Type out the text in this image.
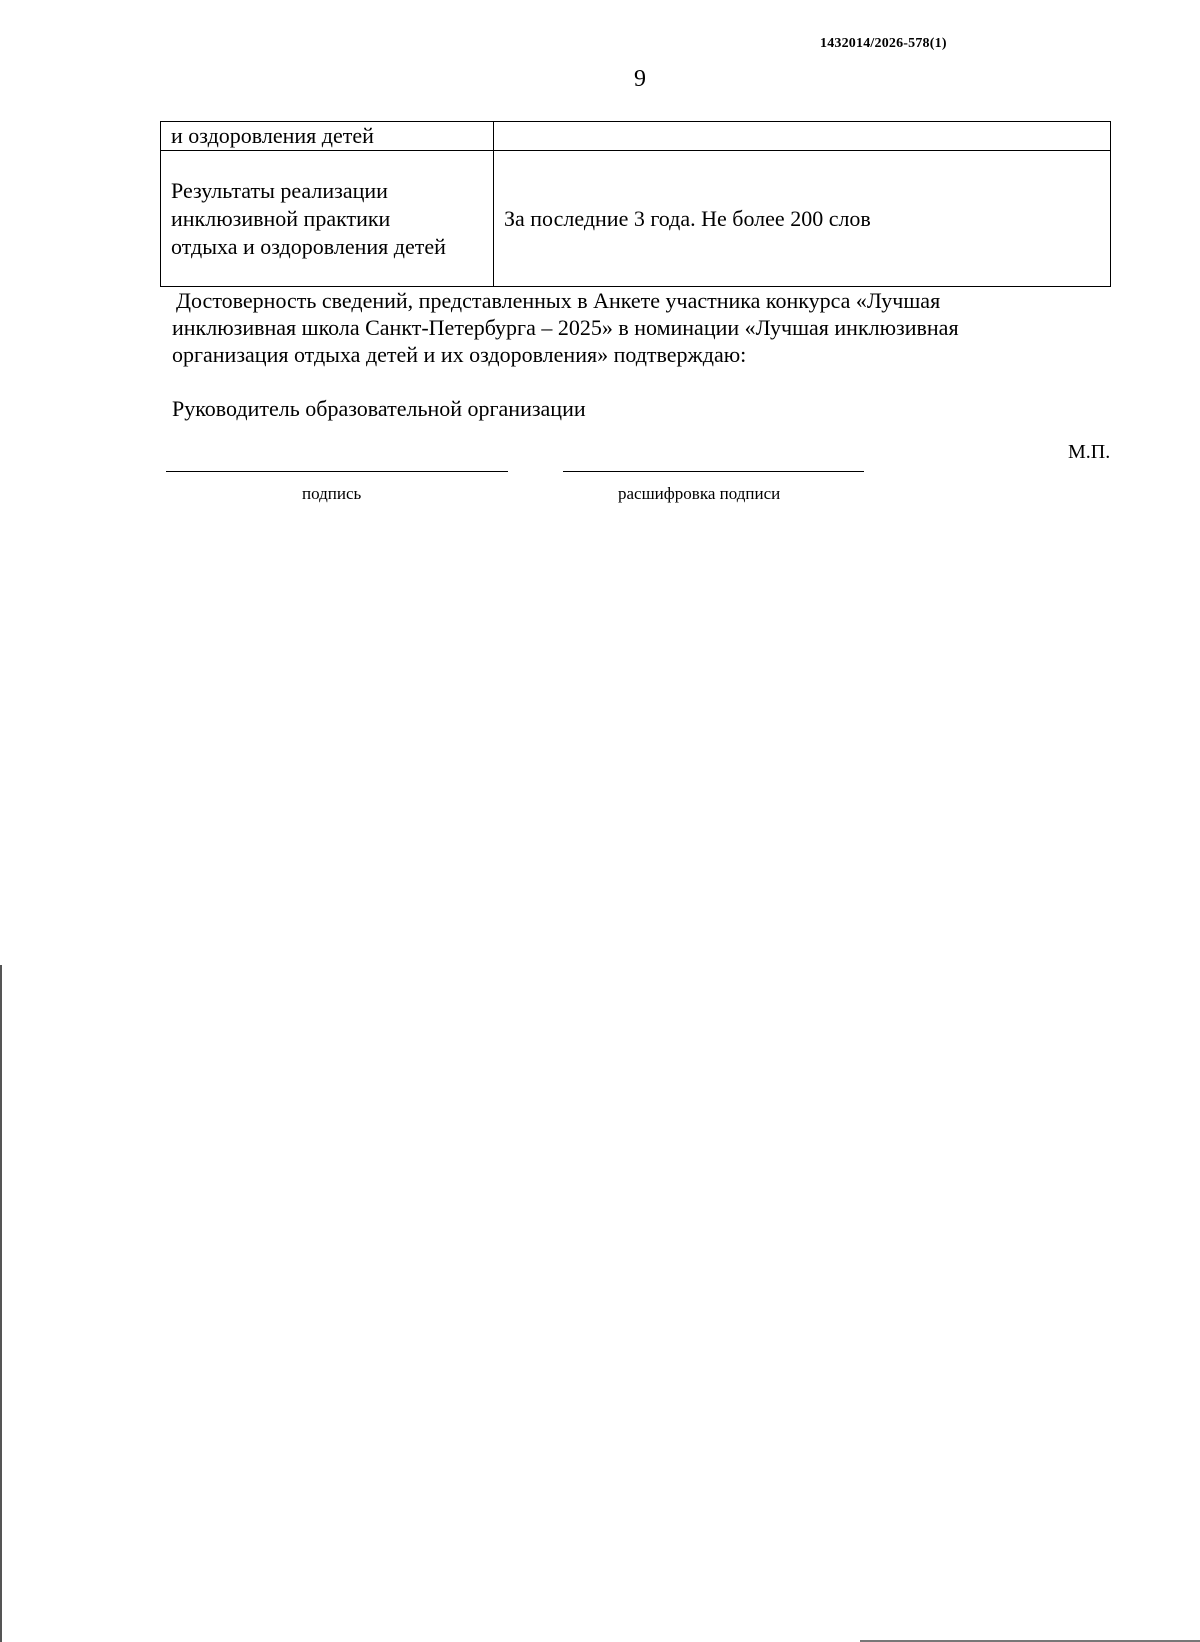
1432014/2026-578(1)
9
и оздоровления детей	

Результаты реализации
инклюзивной практики
отдыха и оздоровления детей	За последние 3 года. Не более 200 слов
Достоверность сведений, представленных в Анкете участника конкурса «Лучшая
инклюзивная школа Санкт-Петербурга – 2025» в номинации «Лучшая инклюзивная
организация отдыха детей и их оздоровления» подтверждаю:
Руководитель образовательной организации
М.П.
подпись	расшифровка подписи
